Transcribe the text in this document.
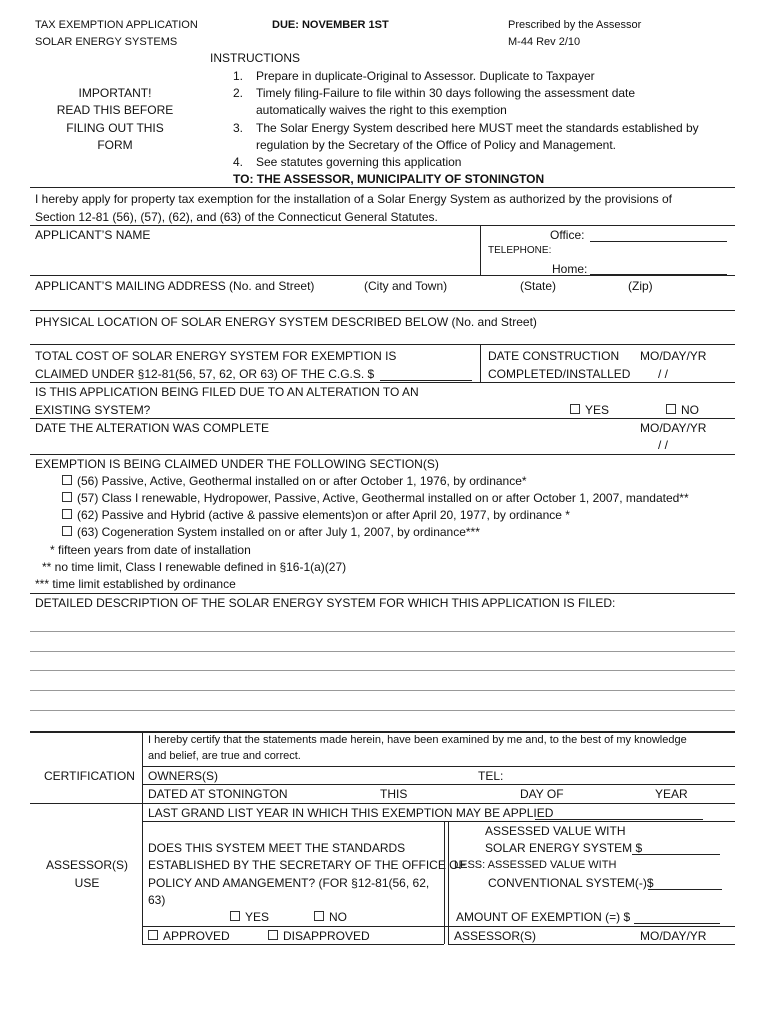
TAX EXEMPTION APPLICATION
SOLAR ENERGY SYSTEMS
DUE: NOVEMBER 1ST	Prescribed by the Assessor
M-44 Rev 2/10
IMPORTANT!
READ THIS BEFORE
FILING OUT THIS
FORM
INSTRUCTIONS
1. Prepare in duplicate-Original to Assessor. Duplicate to Taxpayer
2. Timely filing-Failure to file within 30 days following the assessment date
automatically waives the right to this exemption
3. The Solar Energy System described here MUST meet the standards established by
regulation by the Secretary of the Office of Policy and Management.
4. See statutes governing this application
TO: THE ASSESSOR, MUNICIPALITY OF STONINGTON
I hereby apply for property tax exemption for the installation of a Solar Energy System as authorized by the provisions of
Section 12-81 (56), (57), (62), and (63) of the Connecticut General Statutes.
APPLICANT’S NAME	Office:
TELEPHONE:
Home:
APPLICANT’S MAILING ADDRESS (No. and Street)	(City and Town)	(State)	(Zip)
PHYSICAL LOCATION OF SOLAR ENERGY SYSTEM DESCRIBED BELOW (No. and Street)
TOTAL COST OF SOLAR ENERGY SYSTEM FOR EXEMPTION IS
CLAIMED UNDER §12-81(56, 57, 62, OR 63) OF THE C.G.S. $
DATE CONSTRUCTION
COMPLETED/INSTALLED
MO/DAY/YR
/ /
IS THIS APPLICATION BEING FILED DUE TO AN ALTERATION TO AN
EXISTING SYSTEM?	YES	NO
DATE THE ALTERATION WAS COMPLETE	MO/DAY/YR
/ /
EXEMPTION IS BEING CLAIMED UNDER THE FOLLOWING SECTION(S)
(56) Passive, Active, Geothermal installed on or after October 1, 1976, by ordinance*
(57) Class I renewable, Hydropower, Passive, Active, Geothermal installed on or after October 1, 2007, mandated**
(62) Passive and Hybrid (active & passive elements)on or after April 20, 1977, by ordinance *
(63) Cogeneration System installed on or after July 1, 2007, by ordinance***
* fifteen years from date of installation
** no time limit, Class I renewable defined in §16-1(a)(27)
*** time limit established by ordinance
DETAILED DESCRIPTION OF THE SOLAR ENERGY SYSTEM FOR WHICH THIS APPLICATION IS FILED:
CERTIFICATION
I hereby certify that the statements made herein, have been examined by me and, to the best of my knowledge
and belief, are true and correct.
OWNERS(S)	TEL:
DATED AT STONINGTON	THIS	DAY OF	YEAR
LAST GRAND LIST YEAR IN WHICH THIS EXEMPTION MAY BE APPLIED
ASSESSOR(S)
USE
DOES THIS SYSTEM MEET THE STANDARDS
ESTABLISHED BY THE SECRETARY OF THE OFFICE OF
POLICY AND AMANGEMENT? (FOR §12-81(56, 62,
63)
YES	NO
APPROVED	DISAPPROVED
ASSESSED VALUE WITH
SOLAR ENERGY SYSTEM $
LESS: ASSESSED VALUE WITH
CONVENTIONAL SYSTEM(-)$
AMOUNT OF EXEMPTION (=) $
ASSESSOR(S)	MO/DAY/YR
